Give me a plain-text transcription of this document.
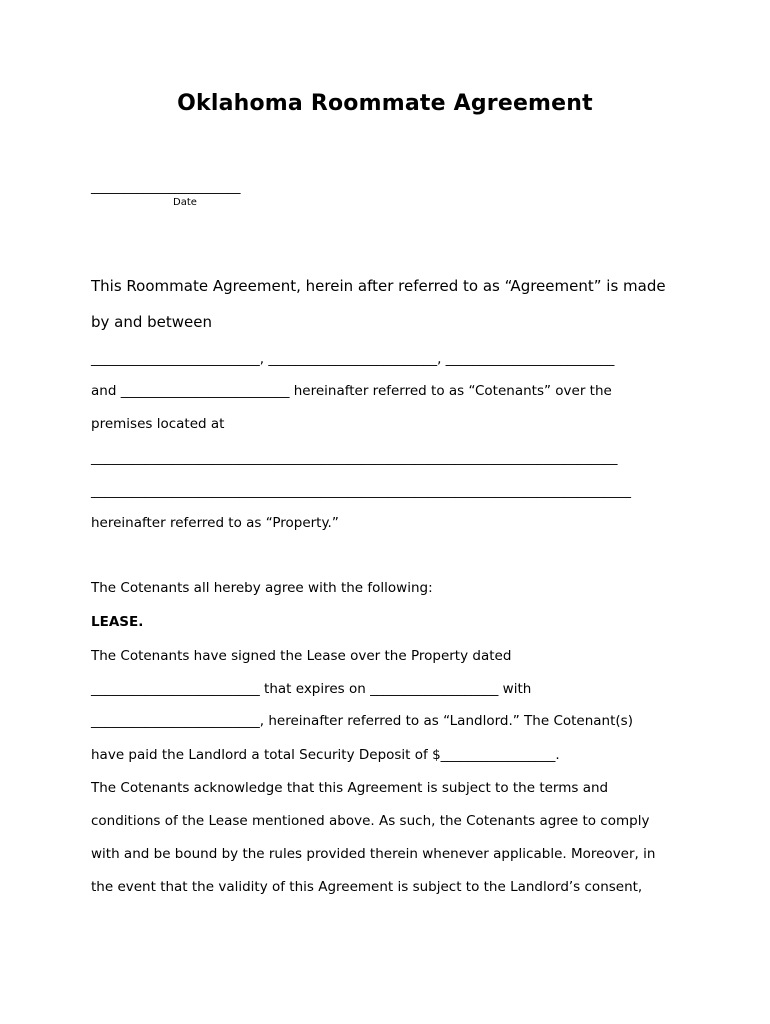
Oklahoma Roommate Agreement
_______________________
Date
This Roommate Agreement, herein after referred to as “Agreement” is made
by and between
_________________________, _________________________, _________________________
and _________________________ hereinafter referred to as “Cotenants” over the
premises located at
______________________________________________________________________________
________________________________________________________________________________
hereinafter referred to as “Property.”
The Cotenants all hereby agree with the following:
LEASE.
The Cotenants have signed the Lease over the Property dated
_________________________ that expires on ___________________ with
_________________________, hereinafter referred to as “Landlord.” The Cotenant(s)
have paid the Landlord a total Security Deposit of $_________________.
The Cotenants acknowledge that this Agreement is subject to the terms and
conditions of the Lease mentioned above. As such, the Cotenants agree to comply
with and be bound by the rules provided therein whenever applicable. Moreover, in
the event that the validity of this Agreement is subject to the Landlord’s consent,
